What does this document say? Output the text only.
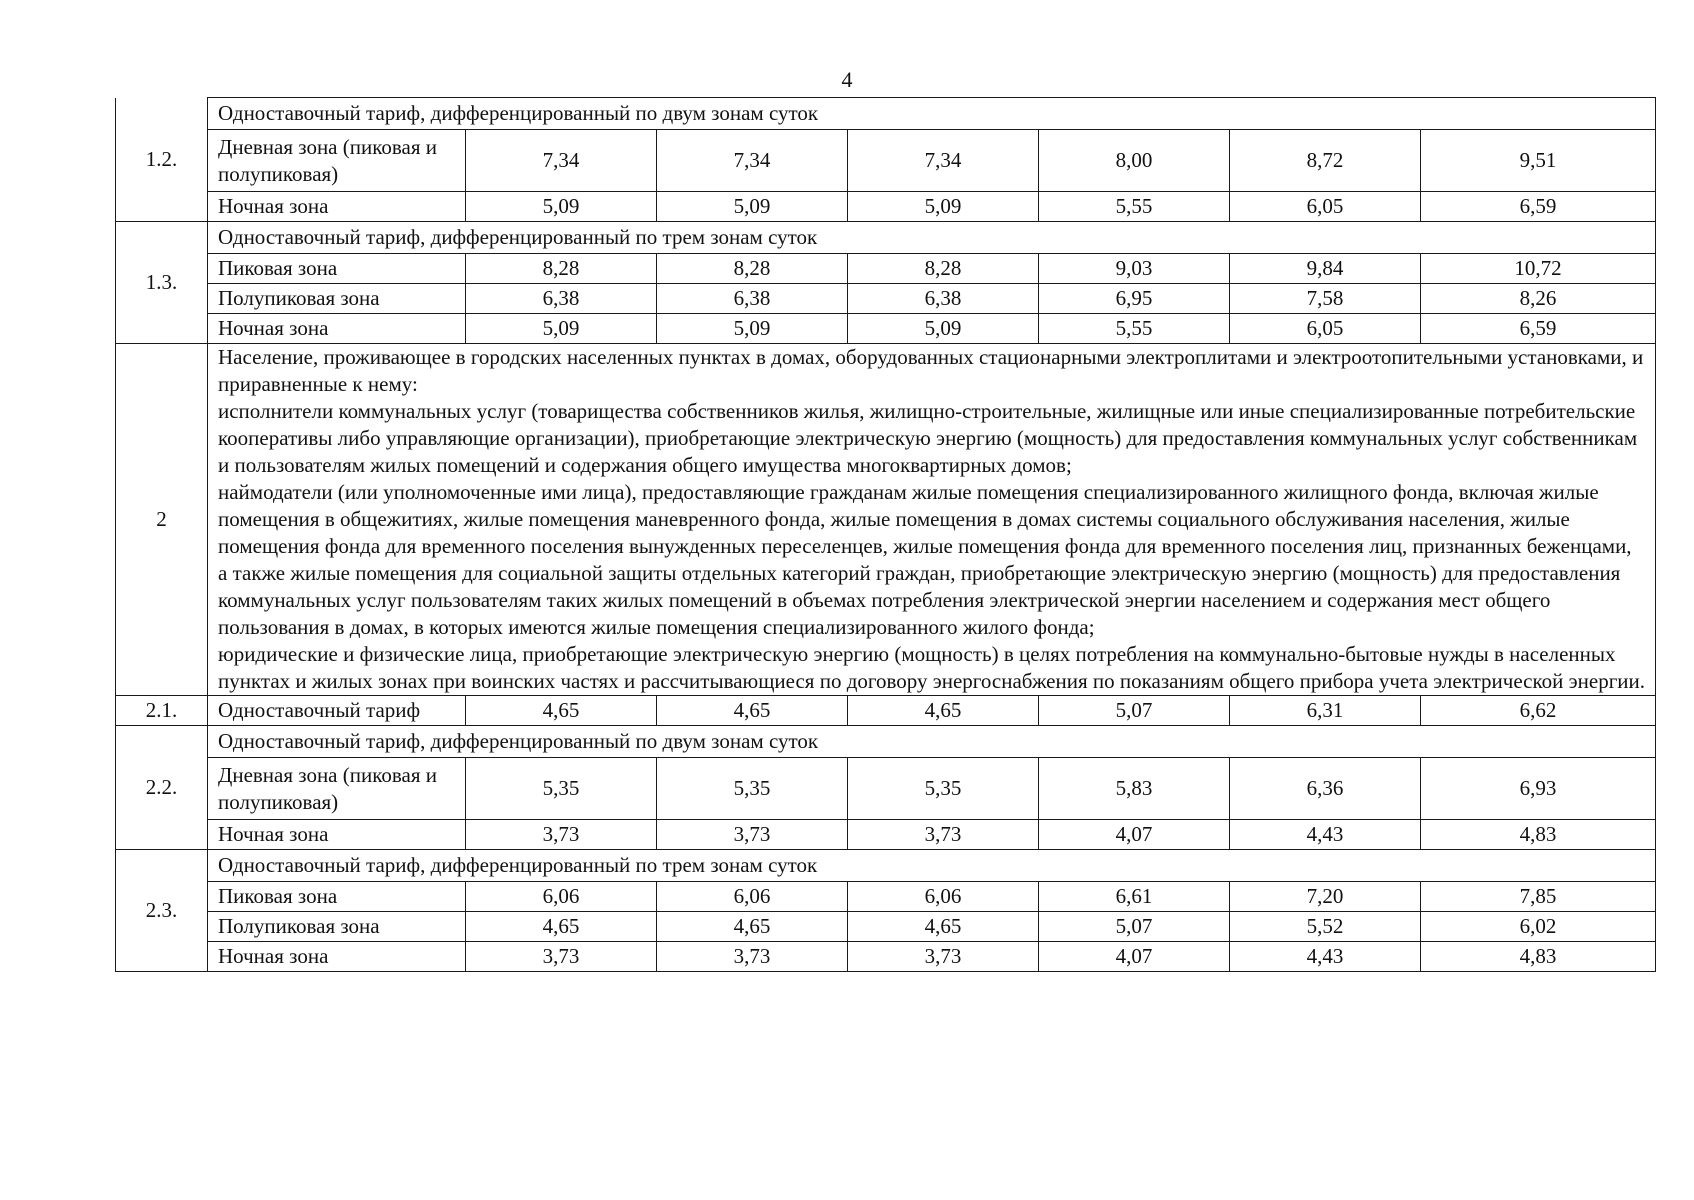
4
1.2.	Одноставочный тариф, дифференцированный по двум зонам суток						
	Дневная зона (пиковая и полупиковая)	7,34	7,34	7,34	8,00	8,72	9,51
	Ночная зона	5,09	5,09	5,09	5,55	6,05	6,59
1.3.	Одноставочный тариф, дифференцированный по трем зонам суток						
	Пиковая зона	8,28	8,28	8,28	9,03	9,84	10,72
	Полупиковая зона	6,38	6,38	6,38	6,95	7,58	8,26
	Ночная зона	5,09	5,09	5,09	5,55	6,05	6,59
2	Население, проживающее в городских населенных пунктах в домах, оборудованных стационарными электроплитами и электроотопительными установками, и приравненные к нему:
исполнители коммунальных услуг (товарищества собственников жилья, жилищно-строительные, жилищные или иные специализированные потребительские кооперативы либо управляющие организации), приобретающие электрическую энергию (мощность) для предоставления коммунальных услуг собственникам и пользователям жилых помещений и содержания общего имущества многоквартирных домов;
наймодатели (или уполномоченные ими лица), предоставляющие гражданам жилые помещения специализированного жилищного фонда, включая жилые помещения в общежитиях, жилые помещения маневренного фонда, жилые помещения в домах системы социального обслуживания населения, жилые помещения фонда для временного поселения вынужденных переселенцев, жилые помещения фонда для временного поселения лиц, признанных беженцами, а также жилые помещения для социальной защиты отдельных категорий граждан, приобретающие электрическую энергию (мощность) для предоставления коммунальных услуг пользователям таких жилых помещений в объемах потребления электрической энергии населением и содержания мест общего пользования в домах, в которых имеются жилые помещения специализированного жилого фонда;
юридические и физические лица, приобретающие электрическую энергию (мощность) в целях потребления на коммунально-бытовые нужды в населенных пунктах и жилых зонах при воинских частях и рассчитывающиеся по договору энергоснабжения по показаниям общего прибора учета электрической энергии.						

2.1.	Одноставочный тариф	4,65	4,65	4,65	5,07	6,31	6,62
2.2.	Одноставочный тариф, дифференцированный по двум зонам суток						
	Дневная зона (пиковая и полупиковая)	5,35	5,35	5,35	5,83	6,36	6,93
	Ночная зона	3,73	3,73	3,73	4,07	4,43	4,83
2.3.	Одноставочный тариф, дифференцированный по трем зонам суток						
	Пиковая зона	6,06	6,06	6,06	6,61	7,20	7,85
	Полупиковая зона	4,65	4,65	4,65	5,07	5,52	6,02
	Ночная зона	3,73	3,73	3,73	4,07	4,43	4,83
